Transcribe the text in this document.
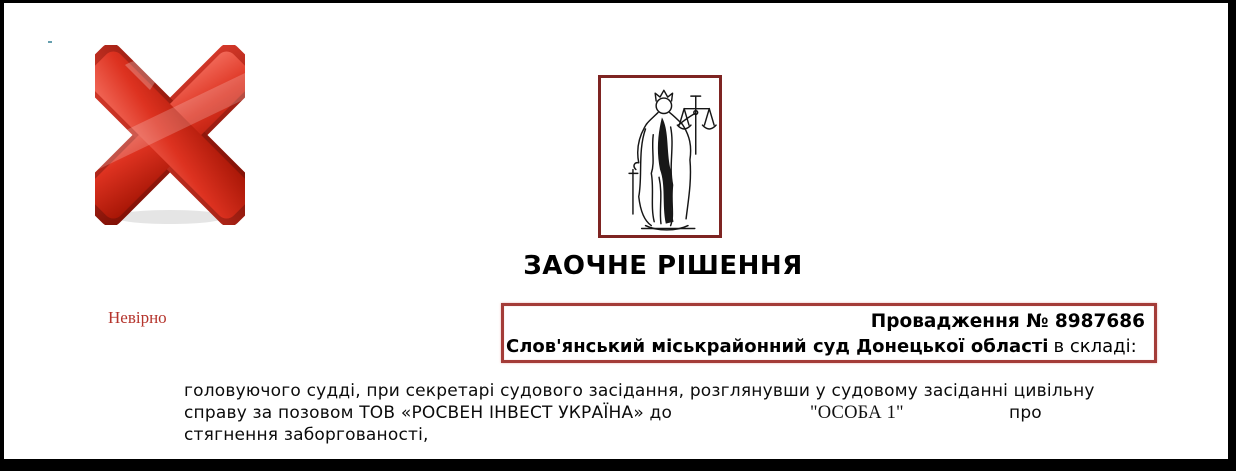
ЗАОЧНЕ РІШЕННЯ
Невірно	Провадження № 8987686
Слов'янський міськрайонний суд Донецької області в складі:
головуючого судді, при секретарі судового засідання, розглянувши у судовому засіданні цивільну
справу за позовом ТОВ «РОСВЕН ІНВЕСТ УКРАЇНА» до	"ОСОБА 1"	про
стягнення заборгованості,
